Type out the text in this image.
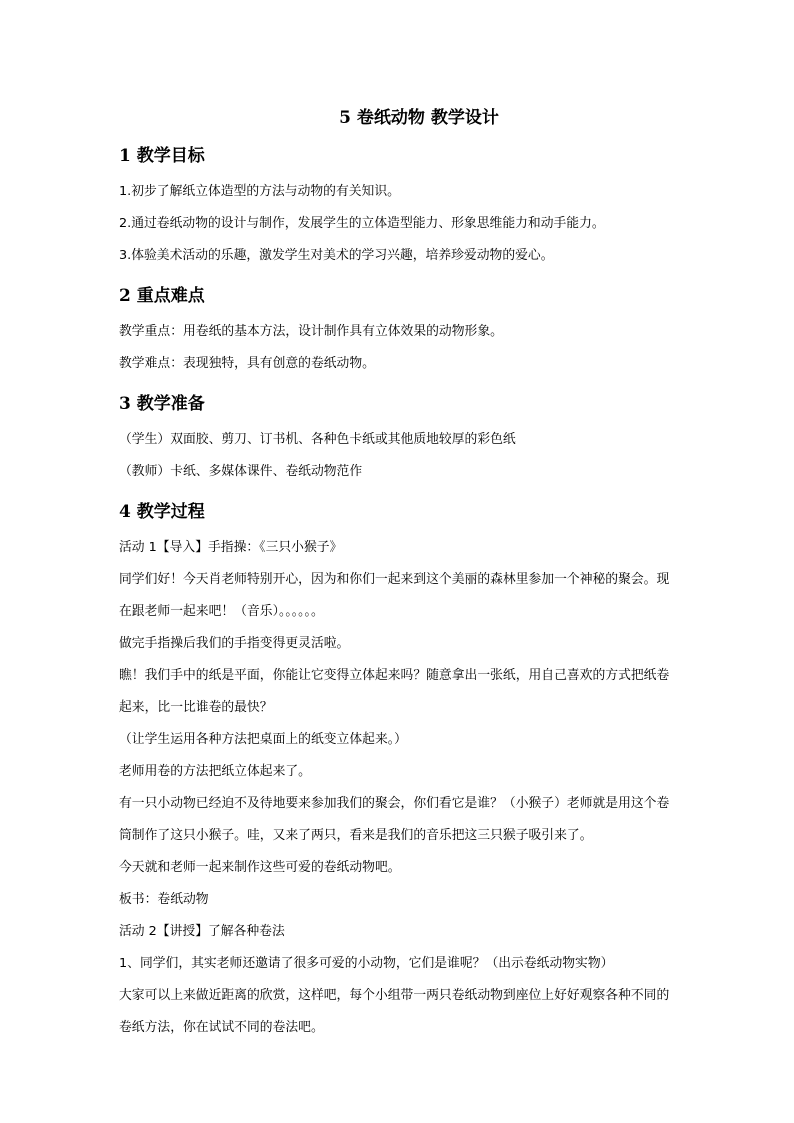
5 卷纸动物 教学设计
1 教学目标

1.初步了解纸立体造型的方法与动物的有关知识。

2.通过卷纸动物的设计与制作，发展学生的立体造型能力、形象思维能力和动手能力。

3.体验美术活动的乐趣，激发学生对美术的学习兴趣，培养珍爱动物的爱心。

2 重点难点

教学重点：用卷纸的基本方法，设计制作具有立体效果的动物形象。

教学难点：表现独特，具有创意的卷纸动物。

3 教学准备

（学生）双面胶、剪刀、订书机、各种色卡纸或其他质地较厚的彩色纸

（教师）卡纸、多媒体课件、卷纸动物范作

4 教学过程

活动 1【导入】手指操：《三只小猴子》

同学们好！今天肖老师特别开心，因为和你们一起来到这个美丽的森林里参加一个神秘的聚会。现在跟老师一起来吧！（音乐）。。。。。。

做完手指操后我们的手指变得更灵活啦。

瞧！我们手中的纸是平面，你能让它变得立体起来吗？随意拿出一张纸，用自己喜欢的方式把纸卷起来，比一比谁卷的最快？

（让学生运用各种方法把桌面上的纸变立体起来。）

老师用卷的方法把纸立体起来了。

有一只小动物已经迫不及待地要来参加我们的聚会，你们看它是谁？（小猴子）老师就是用这个卷筒制作了这只小猴子。哇，又来了两只，看来是我们的音乐把这三只猴子吸引来了。

今天就和老师一起来制作这些可爱的卷纸动物吧。

板书：卷纸动物

活动 2【讲授】了解各种卷法

1、同学们，其实老师还邀请了很多可爱的小动物，它们是谁呢？（出示卷纸动物实物）

大家可以上来做近距离的欣赏，这样吧，每个小组带一两只卷纸动物到座位上好好观察各种不同的卷纸方法，你在试试不同的卷法吧。
